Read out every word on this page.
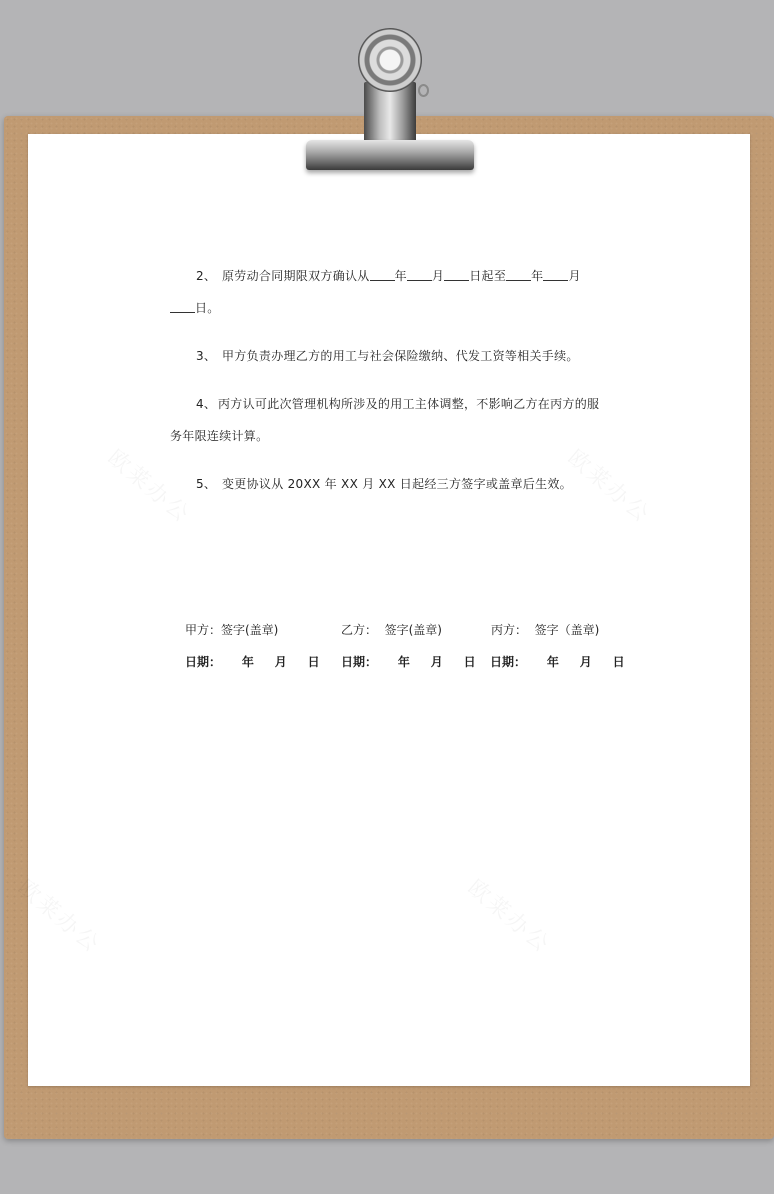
2、 原劳动合同期限双方确认从 年 月 日起至 年 月
日。
3、 甲方负责办理乙方的用工与社会保险缴纳、代发工资等相关手续。
4、 丙方认可此次管理机构所涉及的用工主体调整，不影响乙方在丙方的服
务年限连续计算。
5、 变更协议从 20XX 年 XX 月 XX 日起经三方签字或盖章后生效。
甲方：签字(盖章)	乙方：  签字(盖章)	丙方：  签字（盖章)
日期：     年     月     日 日期：     年     月     日 日期：     年     月     日
